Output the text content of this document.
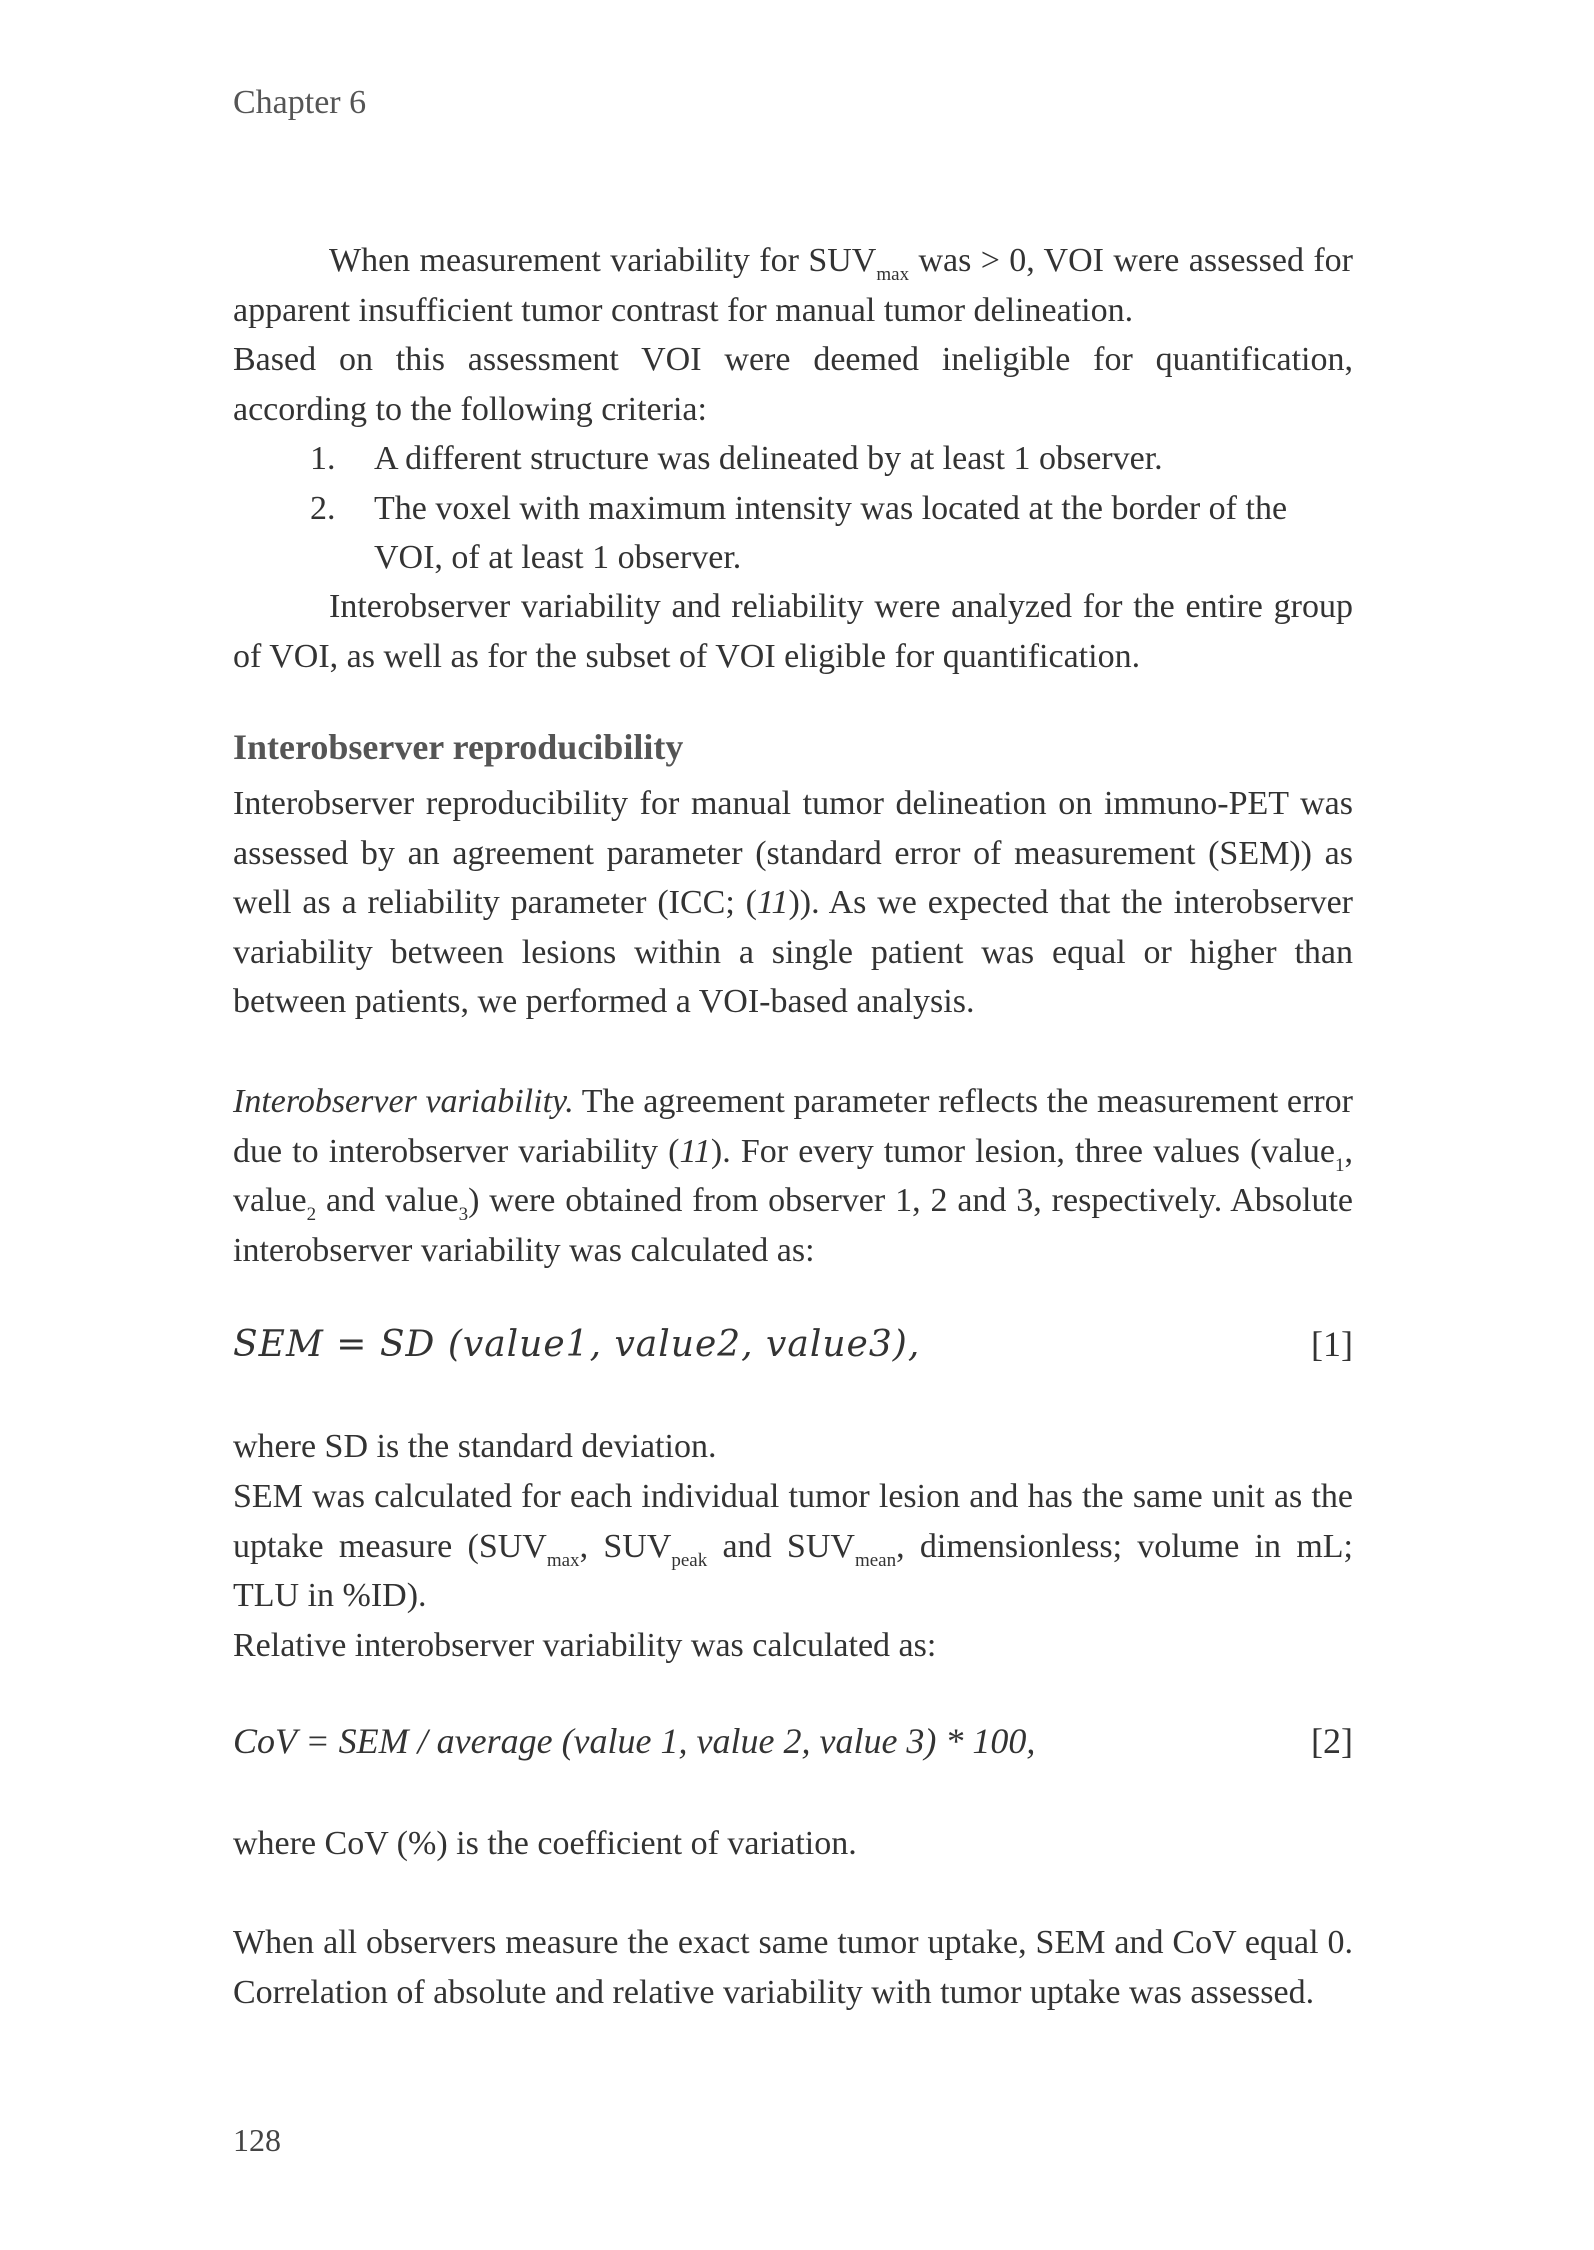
Chapter 6

When measurement variability for $SUV_{max}$ was > 0, VOI were assessed for apparent insufficient tumor contrast for manual tumor delineation.

Based on this assessment VOI were deemed ineligible for quantification, according to the following criteria:

1.	A different structure was delineated by at least 1 observer.
2.	The voxel with maximum intensity was located at the border of the VOI, of at least 1 observer.

Interobserver variability and reliability were analyzed for the entire group of VOI, as well as for the subset of VOI eligible for quantification.

Interobserver reproducibility

Interobserver reproducibility for manual tumor delineation on immuno-PET was assessed by an agreement parameter (standard error of measurement (SEM)) as well as a reliability parameter (ICC; (11)). As we expected that the interobserver variability between lesions within a single patient was equal or higher than between patients, we performed a VOI-based analysis.

Interobserver variability. The agreement parameter reflects the measurement error due to interobserver variability (11). For every tumor lesion, three values (value$_1$, value$_2$ and value$_3$) were obtained from observer 1, 2 and 3, respectively. Absolute interobserver variability was calculated as:

SEM = SD (value1, value2, value3),	[1]

where SD is the standard deviation.

SEM was calculated for each individual tumor lesion and has the same unit as the uptake measure ($SUV_{max}$, $SUV_{peak}$ and $SUV_{mean}$, dimensionless; volume in mL; TLU in %ID).

Relative interobserver variability was calculated as:

CoV = SEM / average (value 1, value 2, value 3) * 100,	[2]

where CoV (%) is the coefficient of variation.

When all observers measure the exact same tumor uptake, SEM and CoV equal 0. Correlation of absolute and relative variability with tumor uptake was assessed.

128
